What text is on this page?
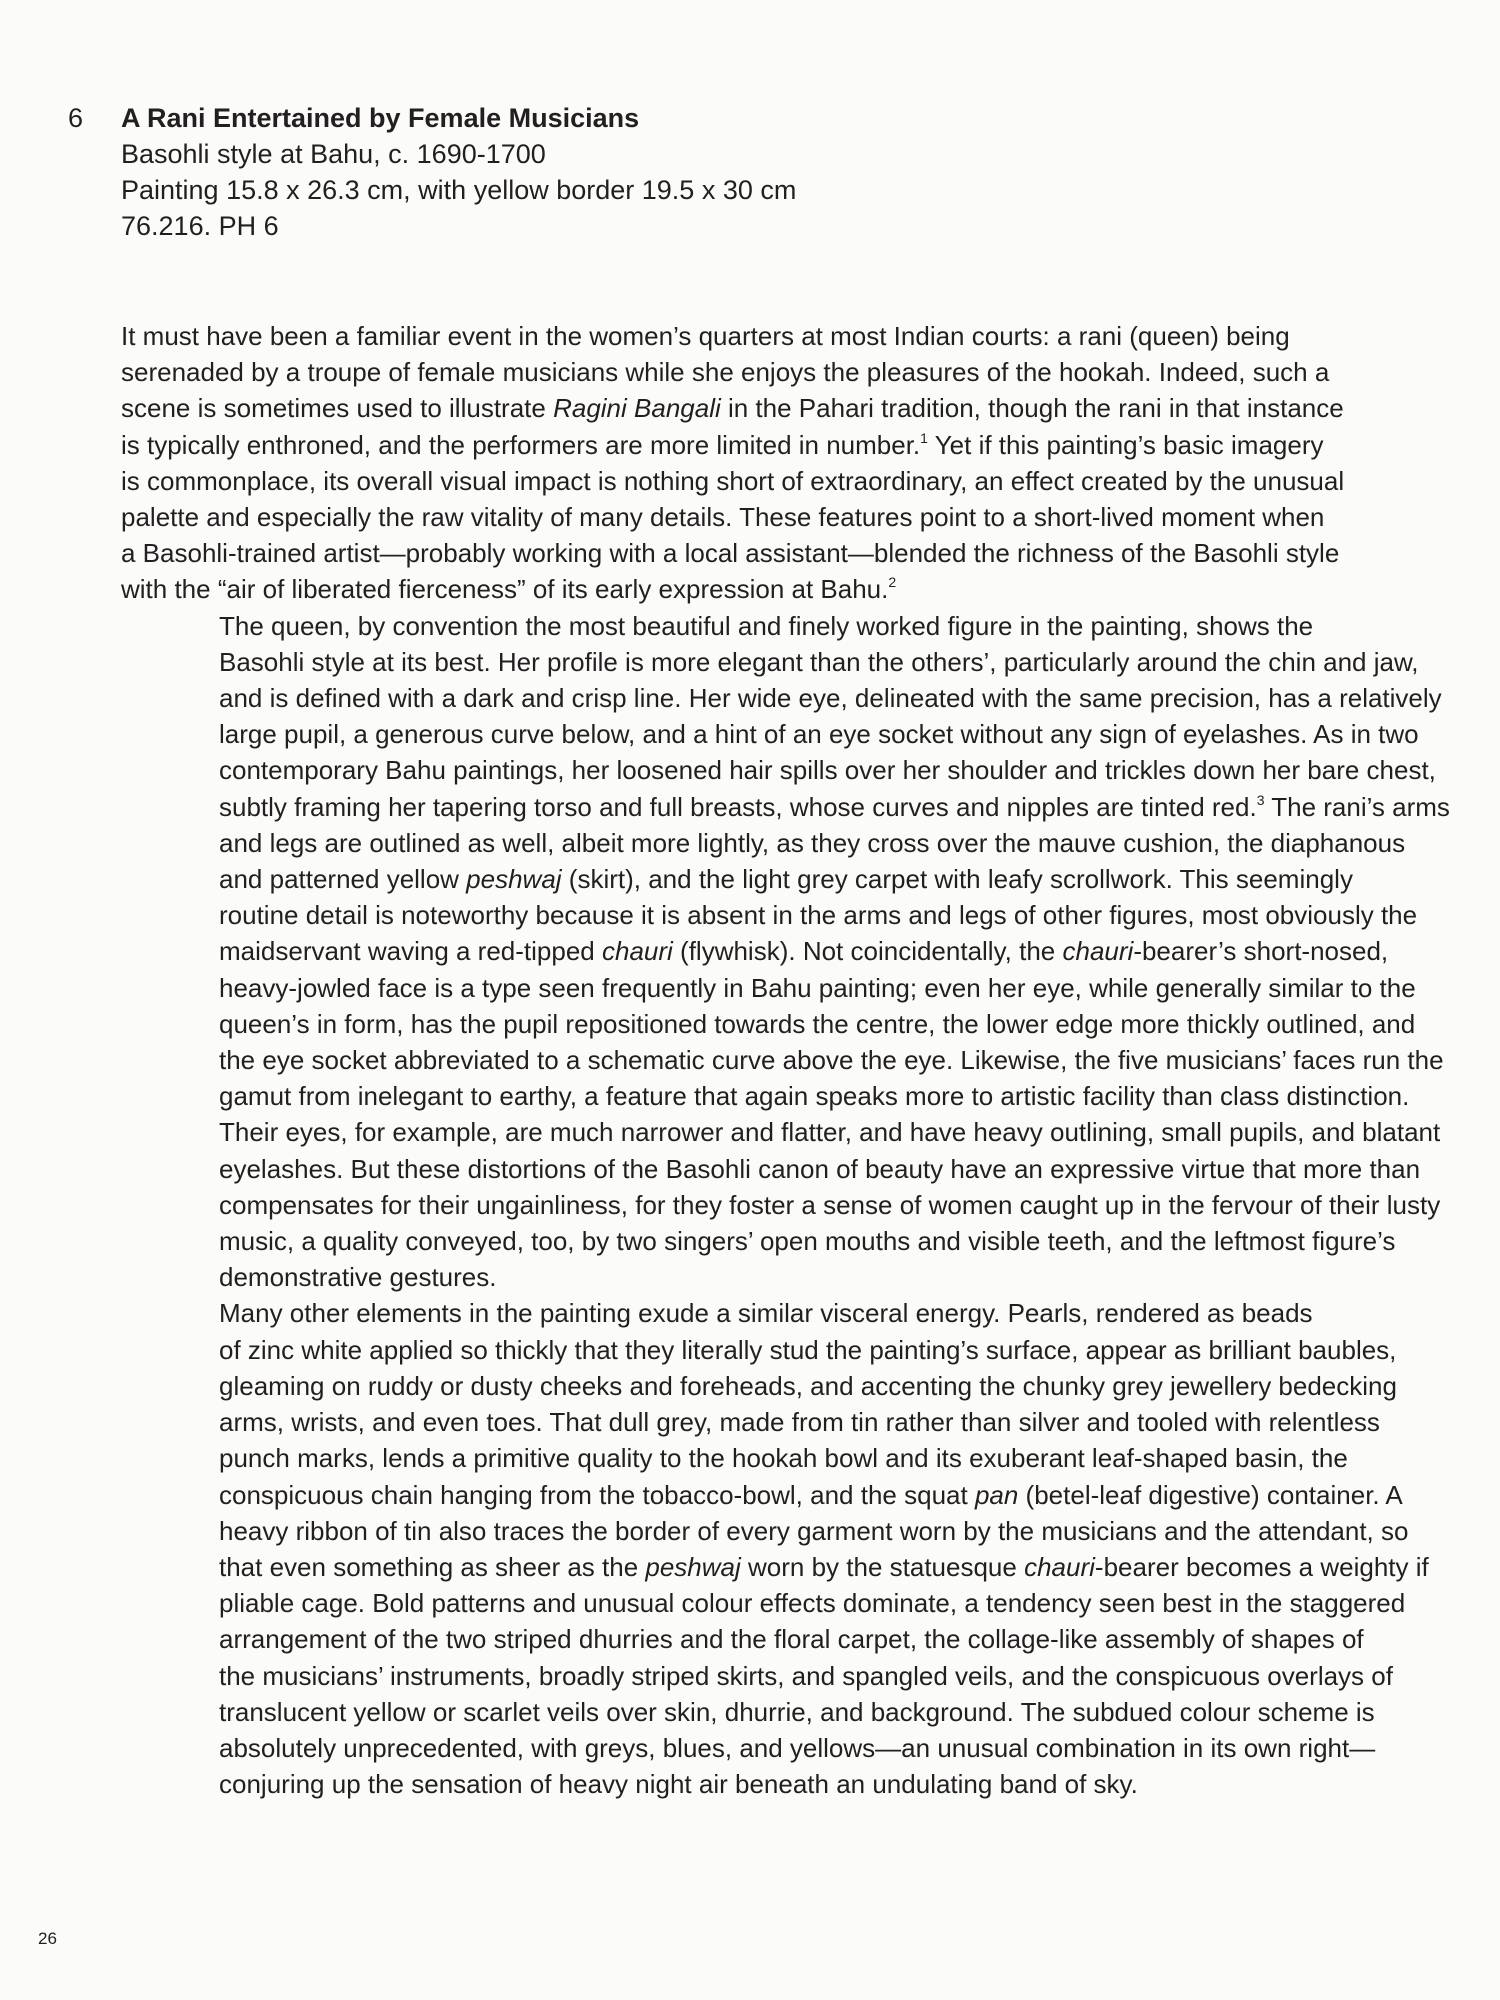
6 A Rani Entertained by Female Musicians
Basohli style at Bahu, c. 1690-1700
Painting 15.8 x 26.3 cm, with yellow border 19.5 x 30 cm
76.216. PH 6

It must have been a familiar event in the women’s quarters at most Indian courts: a rani (queen) being
serenaded by a troupe of female musicians while she enjoys the pleasures of the hookah. Indeed, such a
scene is sometimes used to illustrate Ragini Bangali in the Pahari tradition, though the rani in that instance
is typically enthroned, and the performers are more limited in number.$^1$ Yet if this painting’s basic imagery
is commonplace, its overall visual impact is nothing short of extraordinary, an effect created by the unusual
palette and especially the raw vitality of many details. These features point to a short-lived moment when
a Basohli-trained artist—probably working with a local assistant—blended the richness of the Basohli style
with the “air of liberated fierceness” of its early expression at Bahu.$^2$

The queen, by convention the most beautiful and finely worked figure in the painting, shows the
Basohli style at its best. Her profile is more elegant than the others’, particularly around the chin and jaw,
and is defined with a dark and crisp line. Her wide eye, delineated with the same precision, has a relatively
large pupil, a generous curve below, and a hint of an eye socket without any sign of eyelashes. As in two
contemporary Bahu paintings, her loosened hair spills over her shoulder and trickles down her bare chest,
subtly framing her tapering torso and full breasts, whose curves and nipples are tinted red.$^3$ The rani’s arms
and legs are outlined as well, albeit more lightly, as they cross over the mauve cushion, the diaphanous
and patterned yellow peshwaj (skirt), and the light grey carpet with leafy scrollwork. This seemingly
routine detail is noteworthy because it is absent in the arms and legs of other figures, most obviously the
maidservant waving a red-tipped chauri (flywhisk). Not coincidentally, the chauri-bearer’s short-nosed,
heavy-jowled face is a type seen frequently in Bahu painting; even her eye, while generally similar to the
queen’s in form, has the pupil repositioned towards the centre, the lower edge more thickly outlined, and
the eye socket abbreviated to a schematic curve above the eye. Likewise, the five musicians’ faces run the
gamut from inelegant to earthy, a feature that again speaks more to artistic facility than class distinction.
Their eyes, for example, are much narrower and flatter, and have heavy outlining, small pupils, and blatant
eyelashes. But these distortions of the Basohli canon of beauty have an expressive virtue that more than
compensates for their ungainliness, for they foster a sense of women caught up in the fervour of their lusty
music, a quality conveyed, too, by two singers’ open mouths and visible teeth, and the leftmost figure’s
demonstrative gestures.

Many other elements in the painting exude a similar visceral energy. Pearls, rendered as beads
of zinc white applied so thickly that they literally stud the painting’s surface, appear as brilliant baubles,
gleaming on ruddy or dusty cheeks and foreheads, and accenting the chunky grey jewellery bedecking
arms, wrists, and even toes. That dull grey, made from tin rather than silver and tooled with relentless
punch marks, lends a primitive quality to the hookah bowl and its exuberant leaf-shaped basin, the
conspicuous chain hanging from the tobacco-bowl, and the squat pan (betel-leaf digestive) container. A
heavy ribbon of tin also traces the border of every garment worn by the musicians and the attendant, so
that even something as sheer as the peshwaj worn by the statuesque chauri-bearer becomes a weighty if
pliable cage. Bold patterns and unusual colour effects dominate, a tendency seen best in the staggered
arrangement of the two striped dhurries and the floral carpet, the collage-like assembly of shapes of
the musicians’ instruments, broadly striped skirts, and spangled veils, and the conspicuous overlays of
translucent yellow or scarlet veils over skin, dhurrie, and background. The subdued colour scheme is
absolutely unprecedented, with greys, blues, and yellows—an unusual combination in its own right—
conjuring up the sensation of heavy night air beneath an undulating band of sky.

26
